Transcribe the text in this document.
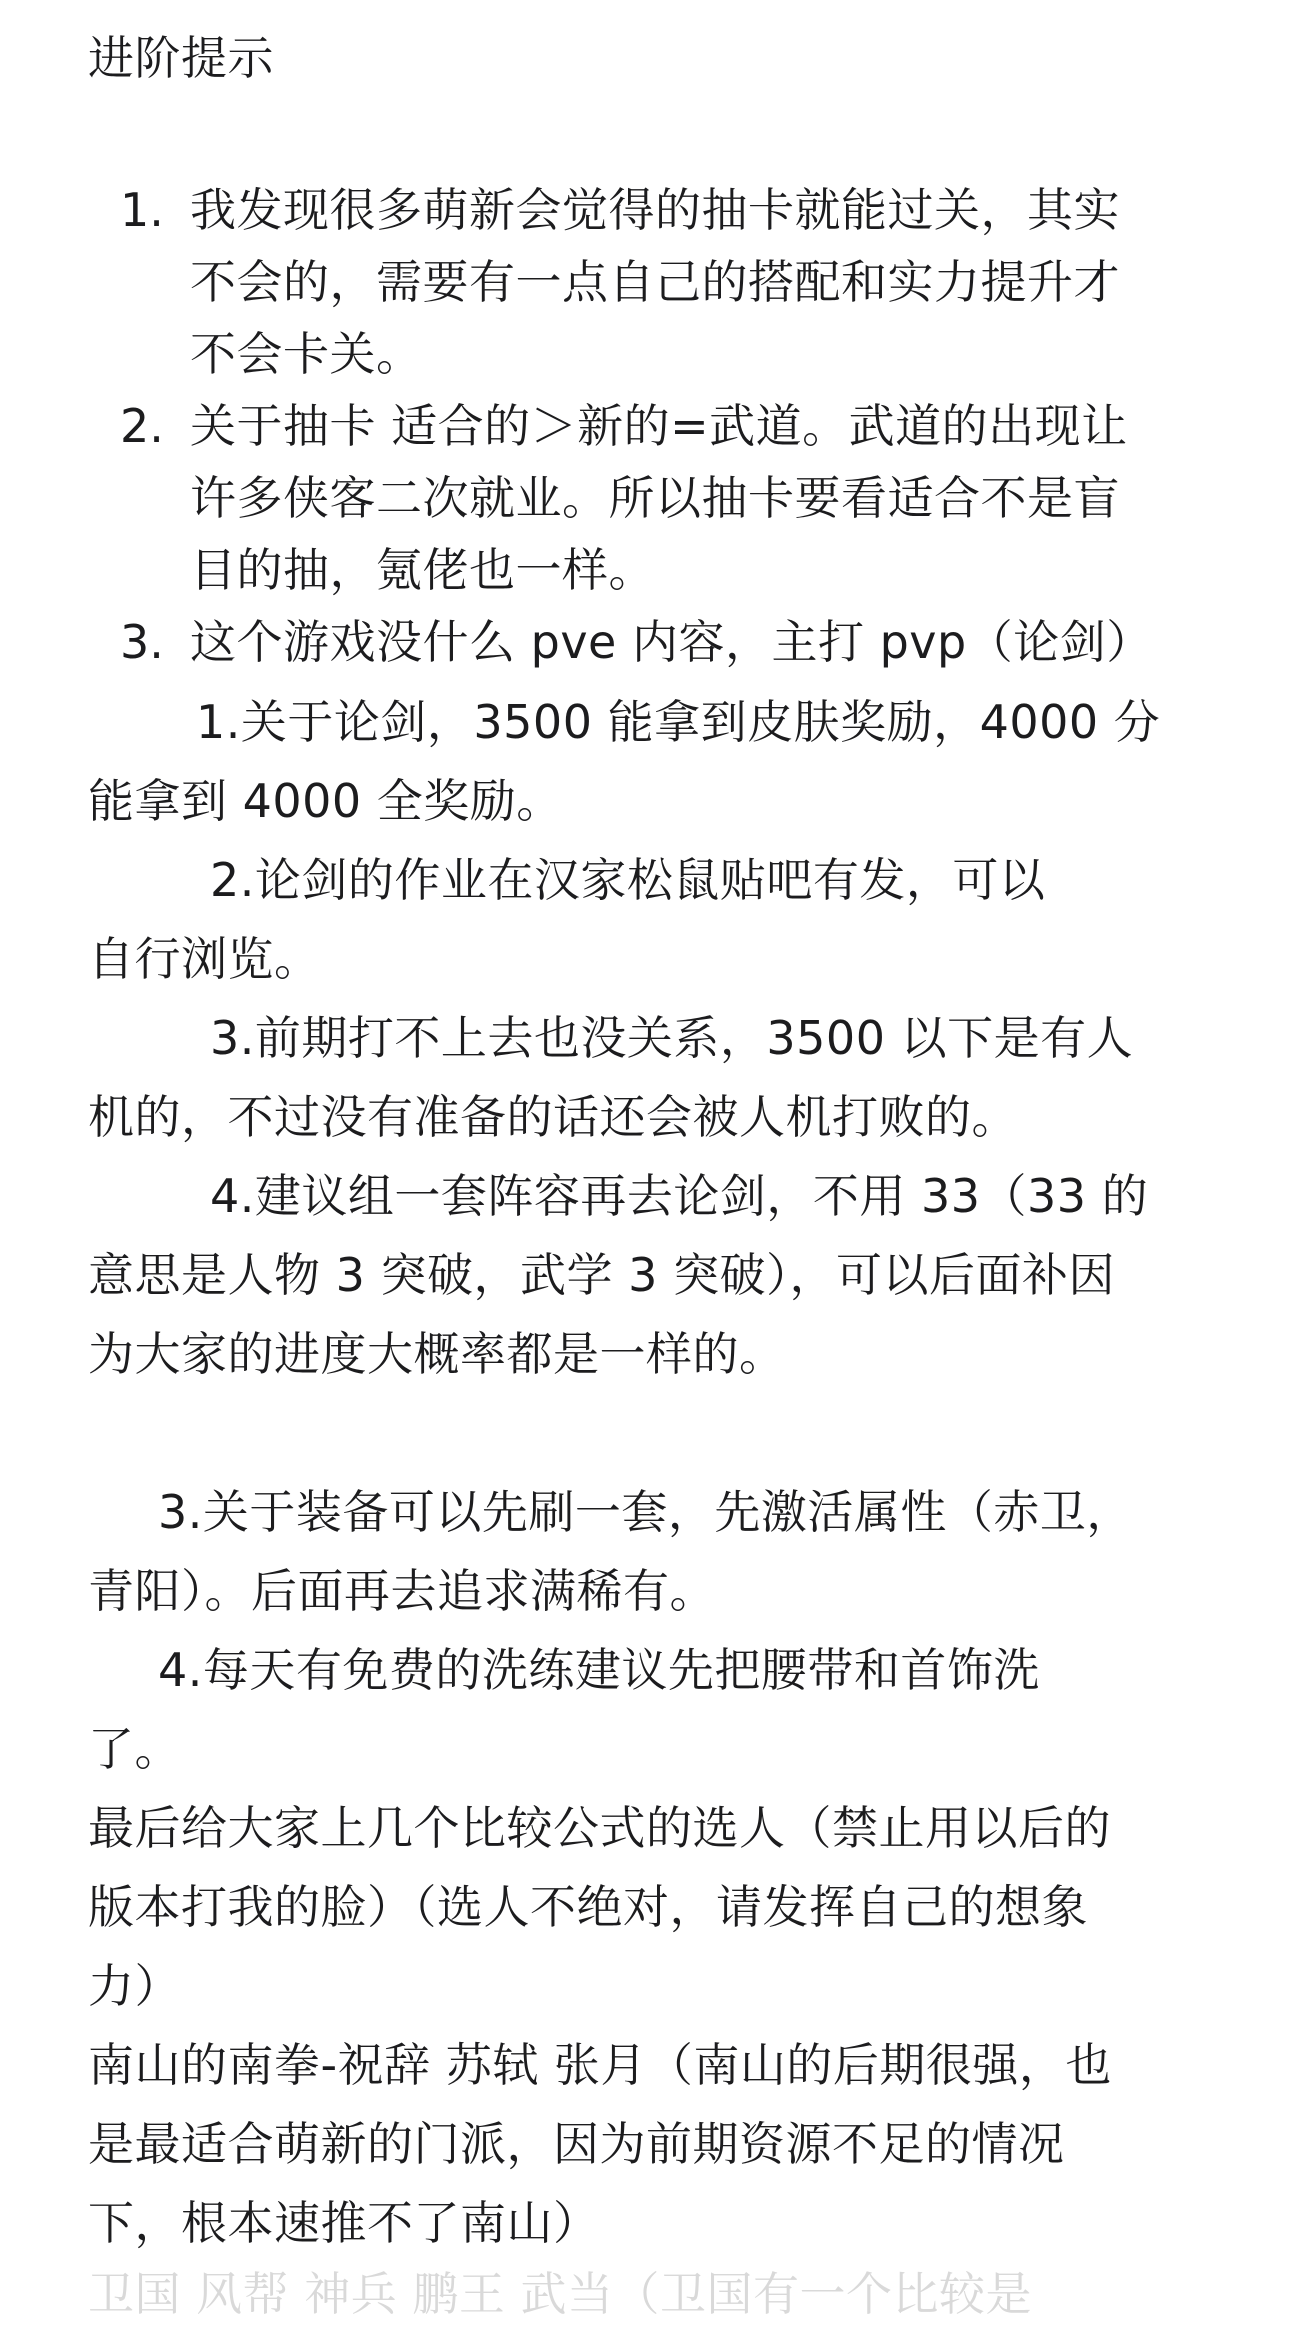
进阶提示
1. 我发现很多萌新会觉得的抽卡就能过关，其实
不会的，需要有一点自己的搭配和实力提升才
不会卡关。
2. 关于抽卡 适合的＞新的=武道。武道的出现让
许多侠客二次就业。所以抽卡要看适合不是盲
目的抽，氪佬也一样。
3. 这个游戏没什么 pve 内容，主打 pvp（论剑）
1.关于论剑，3500 能拿到皮肤奖励，4000 分
能拿到 4000 全奖励。
2.论剑的作业在汉家松鼠贴吧有发，可以
自行浏览。
3.前期打不上去也没关系，3500 以下是有人
机的，不过没有准备的话还会被人机打败的。
4.建议组一套阵容再去论剑，不用 33（33 的
意思是人物 3 突破，武学 3 突破），可以后面补因
为大家的进度大概率都是一样的。
3.关于装备可以先刷一套，先激活属性（赤卫，
青阳）。后面再去追求满稀有。
4.每天有免费的洗练建议先把腰带和首饰洗
了。
最后给大家上几个比较公式的选人（禁止用以后的
版本打我的脸）（选人不绝对，请发挥自己的想象
力）
南山的南拳-祝辞 苏轼 张月（南山的后期很强，也
是最适合萌新的门派，因为前期资源不足的情况
下，根本速推不了南山）
卫国 风帮 神兵 鹏王 武当（卫国有一个比较是
